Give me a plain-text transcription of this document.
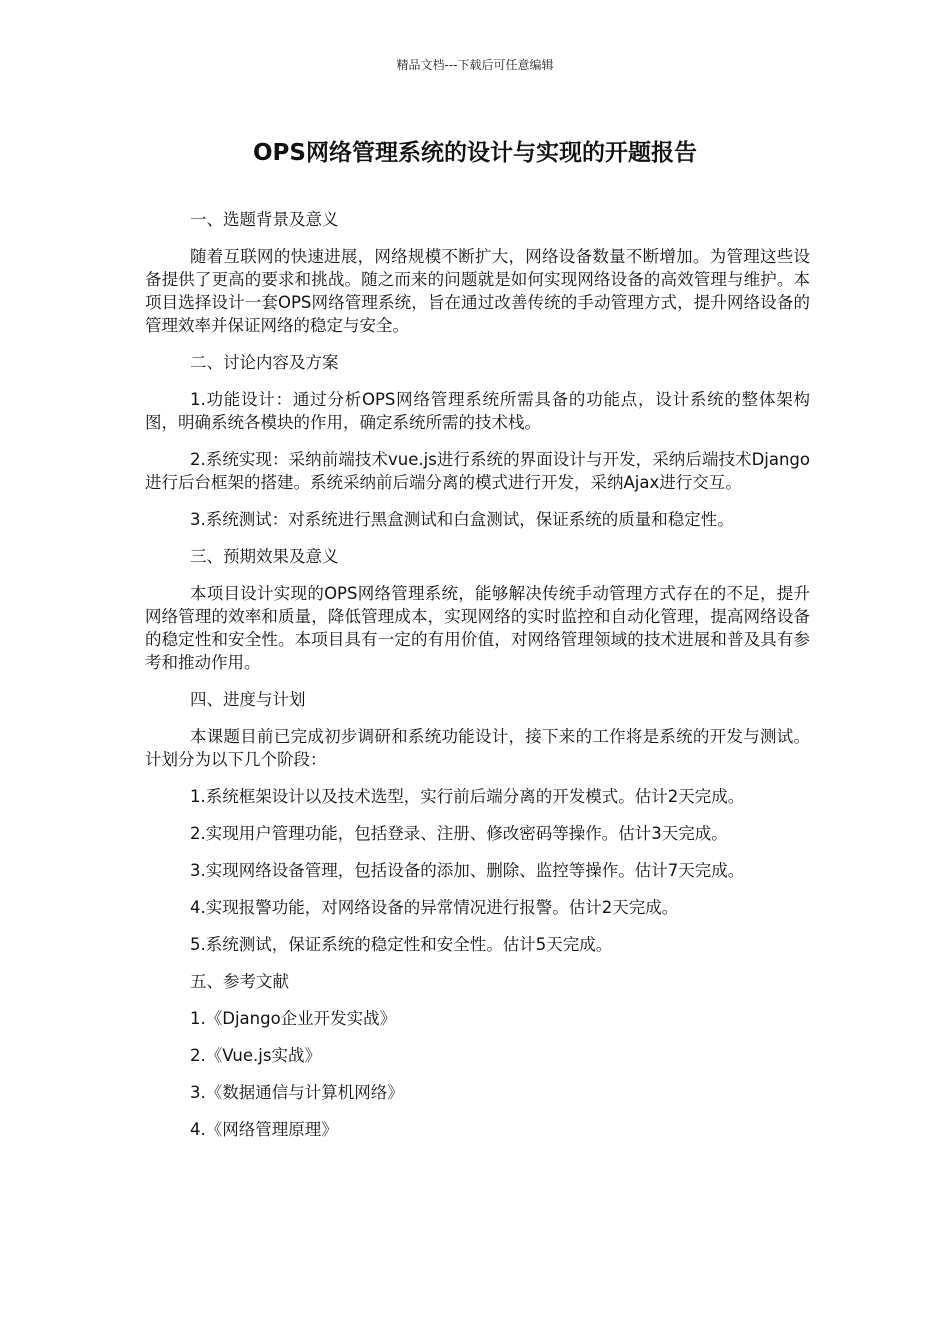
精品文档---下载后可任意编辑
OPS网络管理系统的设计与实现的开题报告

一、选题背景及意义

随着互联网的快速进展，网络规模不断扩大，网络设备数量不断增加。为管理这些设备提供了更高的要求和挑战。随之而来的问题就是如何实现网络设备的高效管理与维护。本项目选择设计一套OPS网络管理系统，旨在通过改善传统的手动管理方式，提升网络设备的管理效率并保证网络的稳定与安全。

二、讨论内容及方案

1.功能设计：通过分析OPS网络管理系统所需具备的功能点，设计系统的整体架构图，明确系统各模块的作用，确定系统所需的技术栈。

2.系统实现：采纳前端技术vue.js进行系统的界面设计与开发，采纳后端技术Django进行后台框架的搭建。系统采纳前后端分离的模式进行开发，采纳Ajax进行交互。

3.系统测试：对系统进行黑盒测试和白盒测试，保证系统的质量和稳定性。

三、预期效果及意义

本项目设计实现的OPS网络管理系统，能够解决传统手动管理方式存在的不足，提升网络管理的效率和质量，降低管理成本，实现网络的实时监控和自动化管理，提高网络设备的稳定性和安全性。本项目具有一定的有用价值，对网络管理领域的技术进展和普及具有参考和推动作用。

四、进度与计划

本课题目前已完成初步调研和系统功能设计，接下来的工作将是系统的开发与测试。计划分为以下几个阶段：

1.系统框架设计以及技术选型，实行前后端分离的开发模式。估计2天完成。

2.实现用户管理功能，包括登录、注册、修改密码等操作。估计3天完成。

3.实现网络设备管理，包括设备的添加、删除、监控等操作。估计7天完成。

4.实现报警功能，对网络设备的异常情况进行报警。估计2天完成。

5.系统测试，保证系统的稳定性和安全性。估计5天完成。

五、参考文献

1.《Django企业开发实战》

2.《Vue.js实战》

3.《数据通信与计算机网络》

4.《网络管理原理》
